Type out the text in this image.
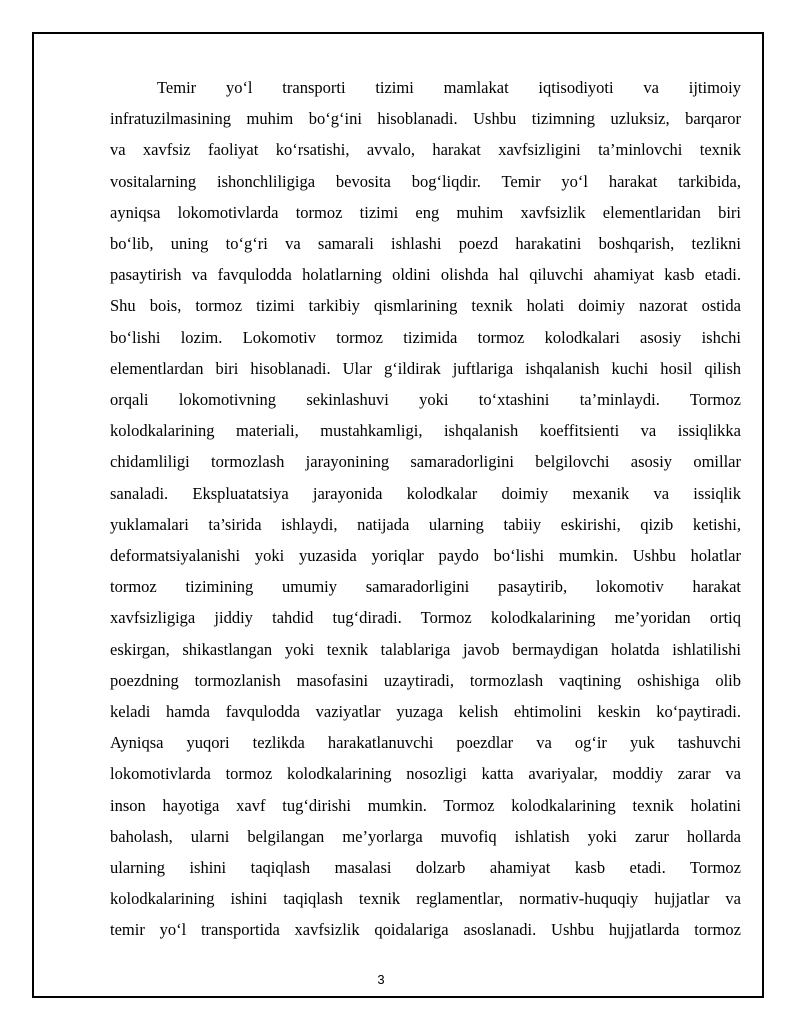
Temir yo‘l transporti tizimi mamlakat iqtisodiyoti va ijtimoiy
infratuzilmasining muhim bo‘g‘ini hisoblanadi. Ushbu tizimning uzluksiz, barqaror
va xavfsiz faoliyat ko‘rsatishi, avvalo, harakat xavfsizligini ta’minlovchi texnik
vositalarning ishonchliligiga bevosita bog‘liqdir. Temir yo‘l harakat tarkibida,
ayniqsa lokomotivlarda tormoz tizimi eng muhim xavfsizlik elementlaridan biri
bo‘lib, uning to‘g‘ri va samarali ishlashi poezd harakatini boshqarish, tezlikni
pasaytirish va favqulodda holatlarning oldini olishda hal qiluvchi ahamiyat kasb etadi.
Shu bois, tormoz tizimi tarkibiy qismlarining texnik holati doimiy nazorat ostida
bo‘lishi lozim. Lokomotiv tormoz tizimida tormoz kolodkalari asosiy ishchi
elementlardan biri hisoblanadi. Ular g‘ildirak juftlariga ishqalanish kuchi hosil qilish
orqali lokomotivning sekinlashuvi yoki to‘xtashini ta’minlaydi. Tormoz
kolodkalarining materiali, mustahkamligi, ishqalanish koeffitsienti va issiqlikka
chidamliligi tormozlash jarayonining samaradorligini belgilovchi asosiy omillar
sanaladi. Ekspluatatsiya jarayonida kolodkalar doimiy mexanik va issiqlik
yuklamalari ta’sirida ishlaydi, natijada ularning tabiiy eskirishi, qizib ketishi,
deformatsiyalanishi yoki yuzasida yoriqlar paydo bo‘lishi mumkin. Ushbu holatlar
tormoz tizimining umumiy samaradorligini pasaytirib, lokomotiv harakat
xavfsizligiga jiddiy tahdid tug‘diradi. Tormoz kolodkalarining me’yoridan ortiq
eskirgan, shikastlangan yoki texnik talablariga javob bermaydigan holatda ishlatilishi
poezdning tormozlanish masofasini uzaytiradi, tormozlash vaqtining oshishiga olib
keladi hamda favqulodda vaziyatlar yuzaga kelish ehtimolini keskin ko‘paytiradi.
Ayniqsa yuqori tezlikda harakatlanuvchi poezdlar va og‘ir yuk tashuvchi
lokomotivlarda tormoz kolodkalarining nosozligi katta avariyalar, moddiy zarar va
inson hayotiga xavf tug‘dirishi mumkin. Tormoz kolodkalarining texnik holatini
baholash, ularni belgilangan me’yorlarga muvofiq ishlatish yoki zarur hollarda
ularning ishini taqiqlash masalasi dolzarb ahamiyat kasb etadi. Tormoz
kolodkalarining ishini taqiqlash texnik reglamentlar, normativ-huquqiy hujjatlar va
temir yo‘l transportida xavfsizlik qoidalariga asoslanadi. Ushbu hujjatlarda tormoz

3
